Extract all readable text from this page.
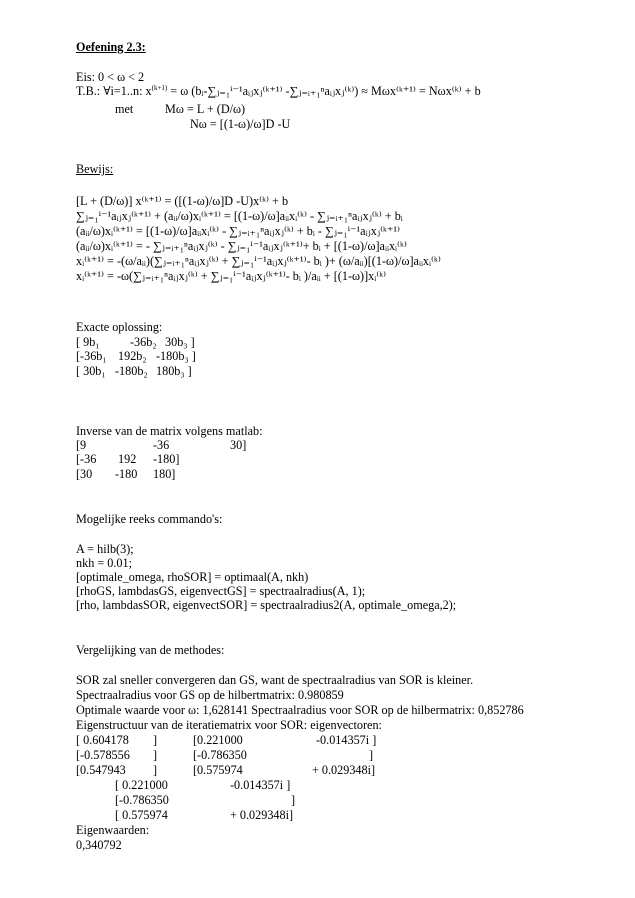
Oefening 2.3:
Eis: 0 < ω < 2
T.B.: ∀i=1..n: $x^{(k+1)} = \omega$ (bᵢ-∑ⱼ₌₁ⁱ⁻¹aᵢⱼxⱼ⁽ᵏ⁺¹⁾ -∑ⱼ₌ᵢ₊₁ⁿaᵢⱼxⱼ⁽ᵏ⁾) ≈ Mωx⁽ᵏ⁺¹⁾ = Nωx⁽ᵏ⁾ + b
met	Mω = L + (D/ω)
Nω = [(1-ω)/ω]D -U
Bewijs:
[L + (D/ω)] x⁽ᵏ⁺¹⁾ = ([(1-ω)/ω]D -U)x⁽ᵏ⁾ + b
∑ⱼ₌₁ⁱ⁻¹aᵢⱼxⱼ⁽ᵏ⁺¹⁾ + (aᵢᵢ/ω)xᵢ⁽ᵏ⁺¹⁾ = [(1-ω)/ω]aᵢᵢxᵢ⁽ᵏ⁾ - ∑ⱼ₌ᵢ₊₁ⁿaᵢⱼxⱼ⁽ᵏ⁾ + bᵢ
(aᵢᵢ/ω)xᵢ⁽ᵏ⁺¹⁾ = [(1-ω)/ω]aᵢᵢxᵢ⁽ᵏ⁾ - ∑ⱼ₌ᵢ₊₁ⁿaᵢⱼxⱼ⁽ᵏ⁾ + bᵢ - ∑ⱼ₌₁ⁱ⁻¹aᵢⱼxⱼ⁽ᵏ⁺¹⁾
(aᵢᵢ/ω)xᵢ⁽ᵏ⁺¹⁾ = - ∑ⱼ₌ᵢ₊₁ⁿaᵢⱼxⱼ⁽ᵏ⁾ - ∑ⱼ₌₁ⁱ⁻¹aᵢⱼxⱼ⁽ᵏ⁺¹⁾+ bᵢ + [(1-ω)/ω]aᵢᵢxᵢ⁽ᵏ⁾
xᵢ⁽ᵏ⁺¹⁾ = -(ω/aᵢᵢ)(∑ⱼ₌ᵢ₊₁ⁿaᵢⱼxⱼ⁽ᵏ⁾ + ∑ⱼ₌₁ⁱ⁻¹aᵢⱼxⱼ⁽ᵏ⁺¹⁾- bᵢ )+ (ω/aᵢᵢ)[(1-ω)/ω]aᵢᵢxᵢ⁽ᵏ⁾
xᵢ⁽ᵏ⁺¹⁾ = -ω(∑ⱼ₌ᵢ₊₁ⁿaᵢⱼxⱼ⁽ᵏ⁾ + ∑ⱼ₌₁ⁱ⁻¹aᵢⱼxⱼ⁽ᵏ⁺¹⁾- bᵢ )/aᵢᵢ + [(1-ω)]xᵢ⁽ᵏ⁾
Exacte oplossing:
[ 9b₁ -36b₂ 30b₃ ]
[-36b₁ 192b₂ -180b₃ ]
[ 30b₁ -180b₂ 180b₃ ]
Inverse van de matrix volgens matlab:
[9	-36	30]
[-36 192 -180]
[30 -180 180]
Mogelijke reeks commando's:
A = hilb(3);
nkh = 0.01;
[optimale_omega, rhoSOR] = optimaal(A, nkh)
[rhoGS, lambdasGS, eigenvectGS] = spectraalradius(A, 1);
[rho, lambdasSOR, eigenvectSOR] = spectraalradius2(A, optimale_omega,2);
Vergelijking van de methodes:
SOR zal sneller convergeren dan GS, want de spectraalradius van SOR is kleiner.
Spectraalradius voor GS op de hilbertmatrix: 0.980859
Optimale waarde voor ω: 1,628141 Spectraalradius voor SOR op de hilbermatrix: 0,852786
Eigenstructuur van de iteratiematrix voor SOR: eigenvectoren:
[ 0.604178 ]	[0.221000	-0.014357i ]
[-0.578556 ]	[-0.786350	]
[0.547943 ]	[0.575974	+ 0.029348i]
[ 0.221000	-0.014357i ]
[-0.786350	]
[ 0.575974	+ 0.029348i]
Eigenwaarden:
0,340792
